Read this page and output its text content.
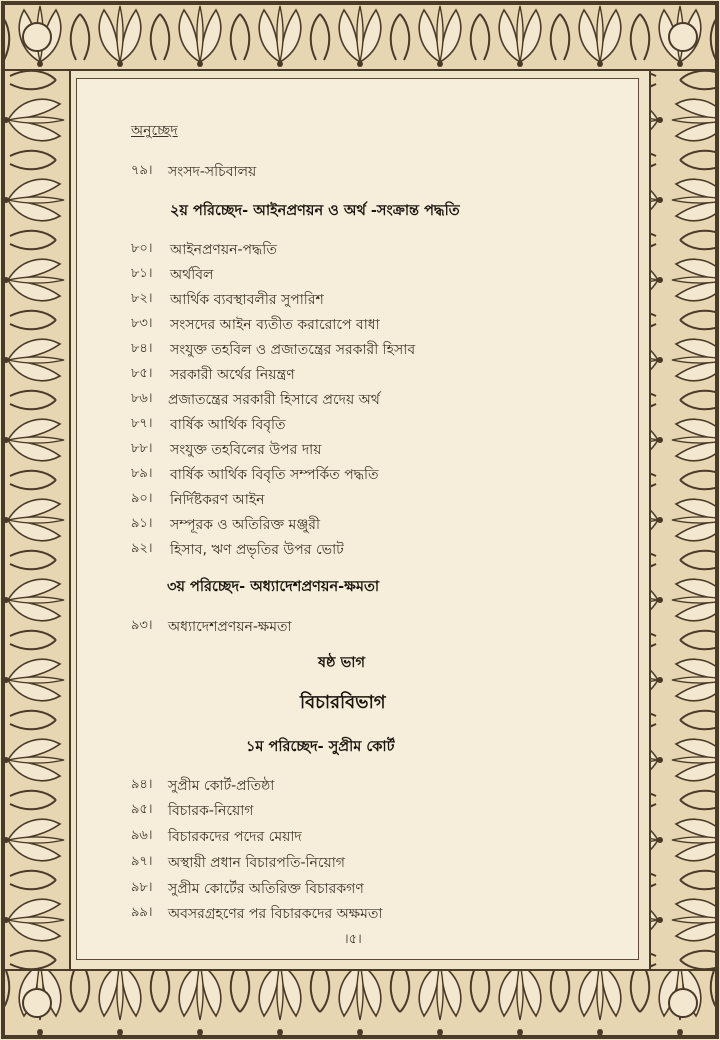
অনুচ্ছেদ
৭৯। সংসদ-সচিবালয়
২য় পরিচ্ছেদ- আইনপ্রণয়ন ও অর্থ -সংক্রান্ত পদ্ধতি
৮০। আইনপ্রণয়ন-পদ্ধতি
৮১। অর্থবিল
৮২। আর্থিক ব্যবস্থাবলীর সুপারিশ
৮৩। সংসদের আইন ব্যতীত করারোপে বাধা
৮৪। সংযুক্ত তহবিল ও প্রজাতন্ত্রের সরকারী হিসাব
৮৫। সরকারী অর্থের নিয়ন্ত্রণ
৮৬। প্রজাতন্ত্রের সরকারী হিসাবে প্রদেয় অর্থ
৮৭। বার্ষিক আর্থিক বিবৃতি
৮৮। সংযুক্ত তহবিলের উপর দায়
৮৯। বার্ষিক আর্থিক বিবৃতি সম্পর্কিত পদ্ধতি
৯০। নির্দিষ্টকরণ আইন
৯১। সম্পূরক ও অতিরিক্ত মঞ্জুরী
৯২। হিসাব, ঋণ প্রভৃতির উপর ভোট
৩য় পরিচ্ছেদ- অধ্যাদেশপ্রণয়ন-ক্ষমতা
৯৩। অধ্যাদেশপ্রণয়ন-ক্ষমতা
ষষ্ঠ ভাগ
বিচারবিভাগ
১ম পরিচ্ছেদ- সুপ্রীম কোর্ট
৯৪। সুপ্রীম কোর্ট-প্রতিষ্ঠা
৯৫। বিচারক-নিয়োগ
৯৬। বিচারকদের পদের মেয়াদ
৯৭। অস্থায়ী প্রধান বিচারপতি-নিয়োগ
৯৮। সুপ্রীম কোর্টের অতিরিক্ত বিচারকগণ
৯৯। অবসরগ্রহণের পর বিচারকদের অক্ষমতা
।৫।
